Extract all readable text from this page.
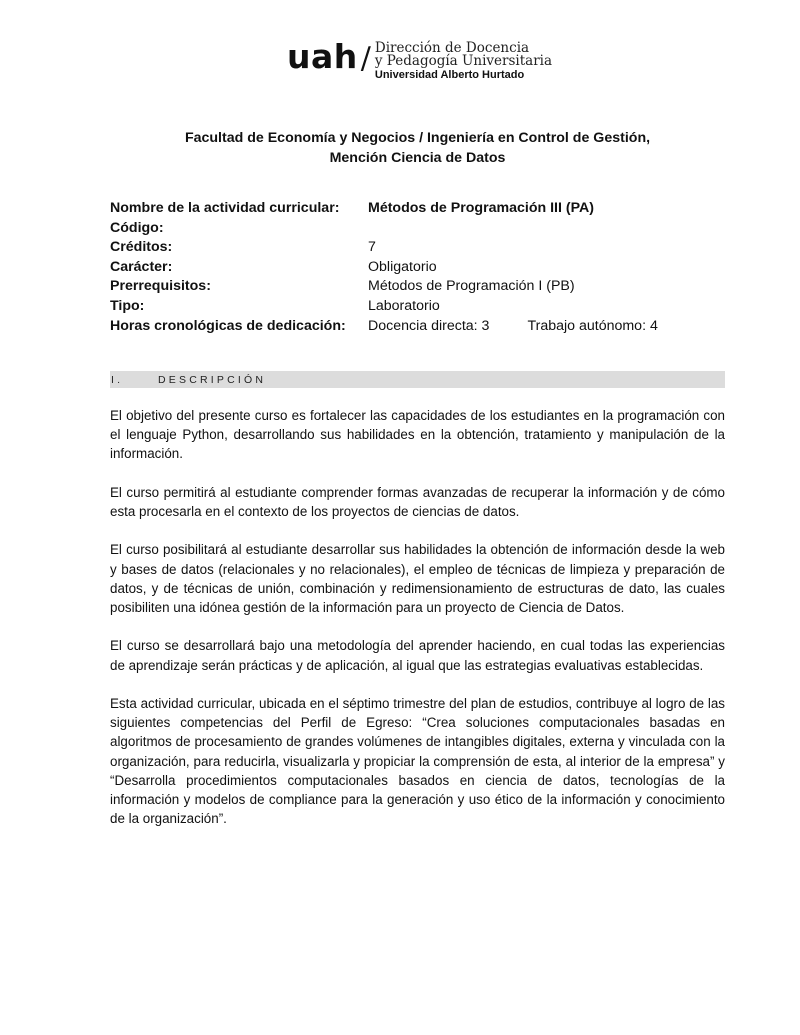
uah / Dirección de Docencia
y Pedagogía Universitaria
Universidad Alberto Hurtado
Facultad de Economía y Negocios / Ingeniería en Control de Gestión,
Mención Ciencia de Datos
Nombre de la actividad curricular:	Métodos de Programación III (PA)
Código:
Créditos:	7
Carácter:	Obligatorio
Prerrequisitos:	Métodos de Programación I (PB)
Tipo:	Laboratorio
Horas cronológicas de dedicación:	Docencia directa: 3	Trabajo autónomo: 4
I.	DESCRIPCIÓN

El objetivo del presente curso es fortalecer las capacidades de los estudiantes en la programación con el lenguaje Python, desarrollando sus habilidades en la obtención, tratamiento y manipulación de la información.

El curso permitirá al estudiante comprender formas avanzadas de recuperar la información y de cómo esta procesarla en el contexto de los proyectos de ciencias de datos.

El curso posibilitará al estudiante desarrollar sus habilidades la obtención de información desde la web y bases de datos (relacionales y no relacionales), el empleo de técnicas de limpieza y preparación de datos, y de técnicas de unión, combinación y redimensionamiento de estructuras de dato, las cuales posibiliten una idónea gestión de la información para un proyecto de Ciencia de Datos.

El curso se desarrollará bajo una metodología del aprender haciendo, en cual todas las experiencias de aprendizaje serán prácticas y de aplicación, al igual que las estrategias evaluativas establecidas.

Esta actividad curricular, ubicada en el séptimo trimestre del plan de estudios, contribuye al logro de las siguientes competencias del Perfil de Egreso: “Crea soluciones computacionales basadas en algoritmos de procesamiento de grandes volúmenes de intangibles digitales, externa y vinculada con la organización, para reducirla, visualizarla y propiciar la comprensión de esta, al interior de la empresa” y “Desarrolla procedimientos computacionales basados en ciencia de datos, tecnologías de la información y modelos de compliance para la generación y uso ético de la información y conocimiento de la organización”.
